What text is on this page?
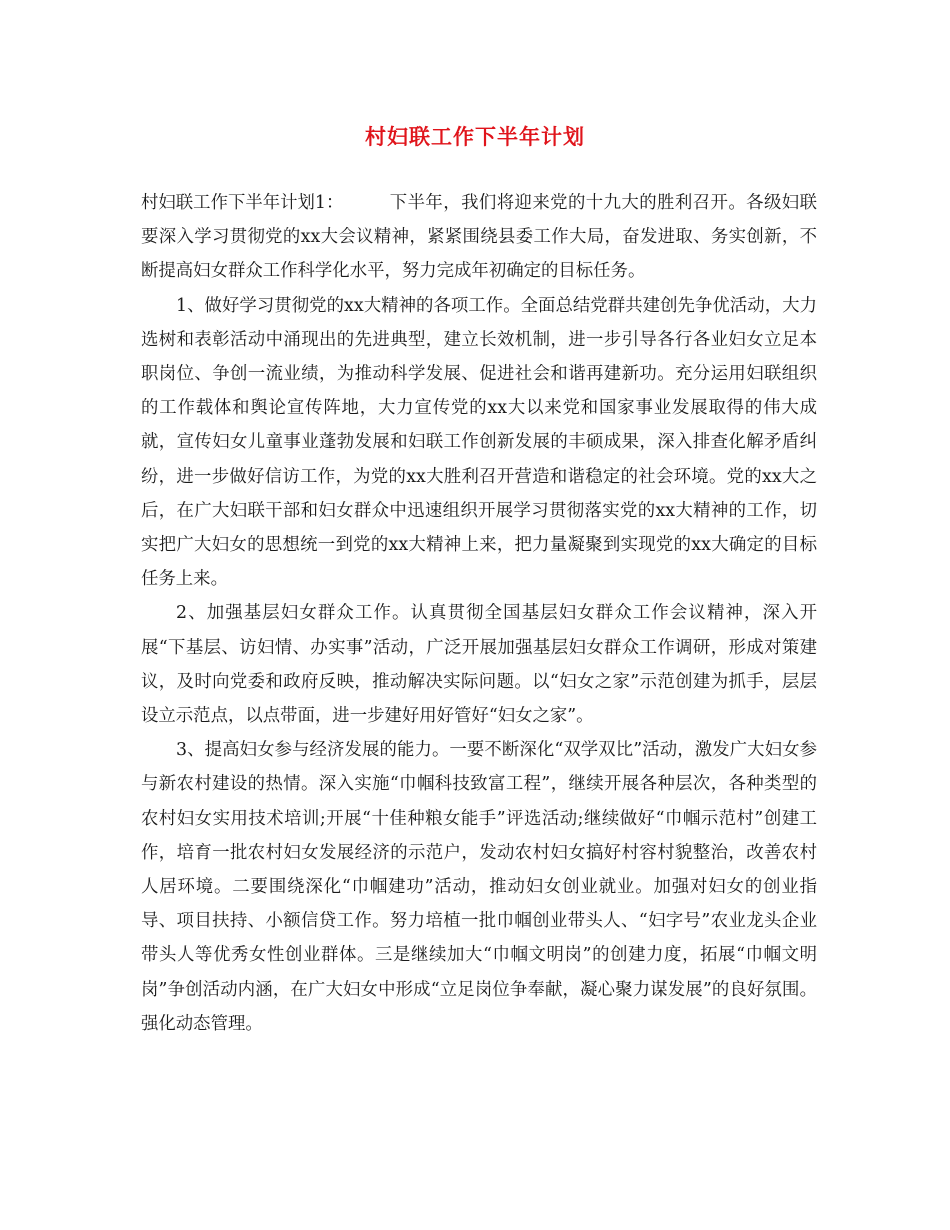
村妇联工作下半年计划

村妇联工作下半年计划1：	下半年，我们将迎来党的十九大的胜利召开。各级妇联要深入学习贯彻党的xx大会议精神，紧紧围绕县委工作大局，奋发进取、务实创新，不断提高妇女群众工作科学化水平，努力完成年初确定的目标任务。

1、做好学习贯彻党的xx大精神的各项工作。全面总结党群共建创先争优活动，大力选树和表彰活动中涌现出的先进典型，建立长效机制，进一步引导各行各业妇女立足本职岗位、争创一流业绩，为推动科学发展、促进社会和谐再建新功。充分运用妇联组织的工作载体和舆论宣传阵地，大力宣传党的xx大以来党和国家事业发展取得的伟大成就，宣传妇女儿童事业蓬勃发展和妇联工作创新发展的丰硕成果，深入排查化解矛盾纠纷，进一步做好信访工作，为党的xx大胜利召开营造和谐稳定的社会环境。党的xx大之后，在广大妇联干部和妇女群众中迅速组织开展学习贯彻落实党的xx大精神的工作，切实把广大妇女的思想统一到党的xx大精神上来，把力量凝聚到实现党的xx大确定的目标任务上来。

2、加强基层妇女群众工作。认真贯彻全国基层妇女群众工作会议精神，深入开展“下基层、访妇情、办实事”活动，广泛开展加强基层妇女群众工作调研，形成对策建议，及时向党委和政府反映，推动解决实际问题。以“妇女之家”示范创建为抓手，层层设立示范点，以点带面，进一步建好用好管好“妇女之家”。

3、提高妇女参与经济发展的能力。一要不断深化“双学双比”活动，激发广大妇女参与新农村建设的热情。深入实施“巾帼科技致富工程”，继续开展各种层次，各种类型的农村妇女实用技术培训;开展“十佳种粮女能手”评选活动;继续做好“巾帼示范村”创建工作，培育一批农村妇女发展经济的示范户，发动农村妇女搞好村容村貌整治，改善农村人居环境。二要围绕深化“巾帼建功”活动，推动妇女创业就业。加强对妇女的创业指导、项目扶持、小额信贷工作。努力培植一批巾帼创业带头人、“妇字号”农业龙头企业带头人等优秀女性创业群体。三是继续加大“巾帼文明岗”的创建力度，拓展“巾帼文明岗”争创活动内涵，在广大妇女中形成“立足岗位争奉献，凝心聚力谋发展”的良好氛围。强化动态管理。
